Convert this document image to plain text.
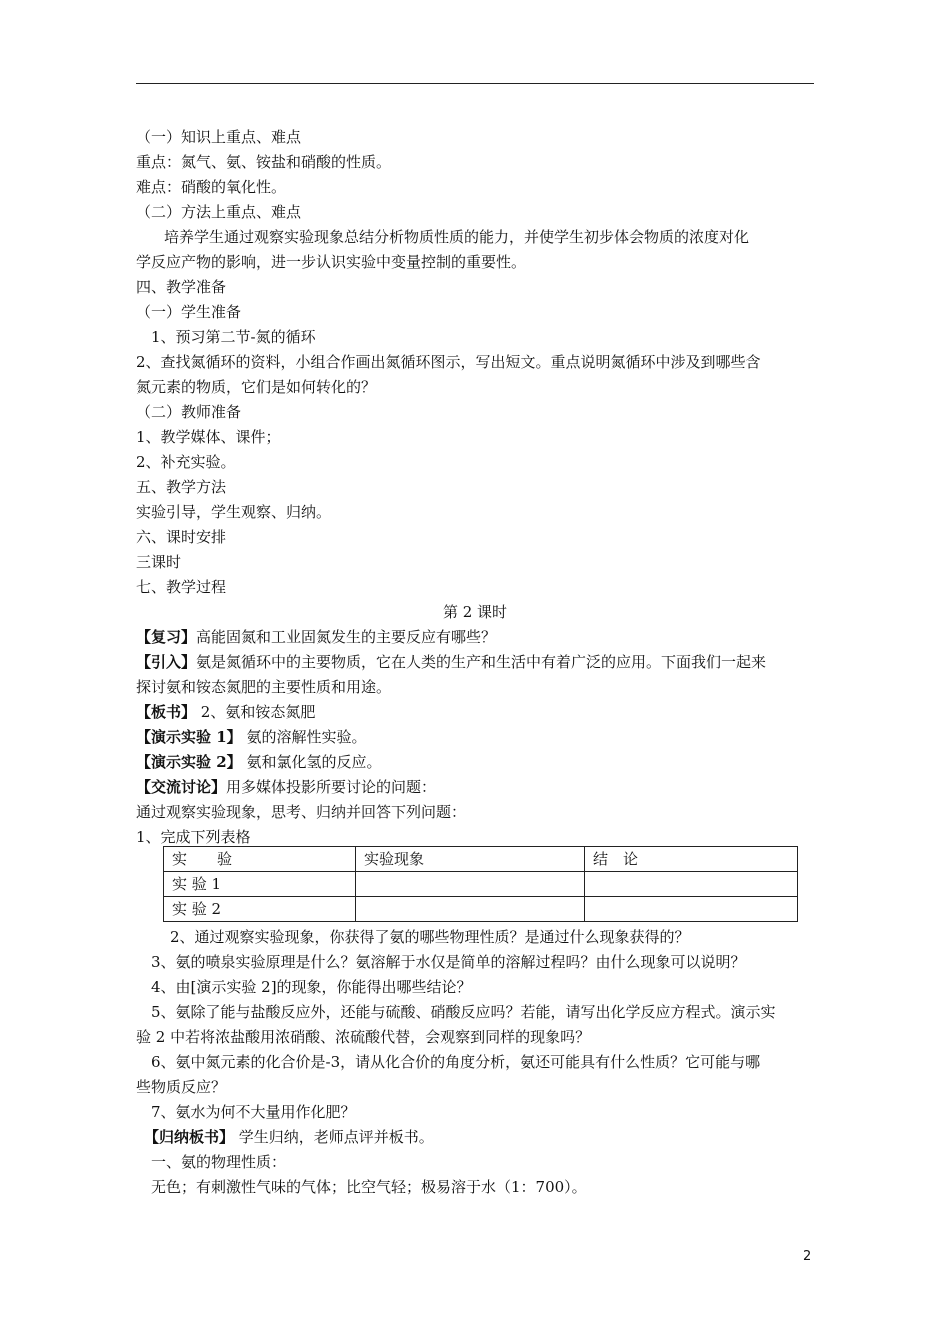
（一）知识上重点、难点
重点：氮气、氨、铵盐和硝酸的性质。
难点：硝酸的氧化性。
（二）方法上重点、难点
培养学生通过观察实验现象总结分析物质性质的能力，并使学生初步体会物质的浓度对化
学反应产物的影响，进一步认识实验中变量控制的重要性。
四、教学准备
（一）学生准备
1、预习第二节-氮的循环
2、查找氮循环的资料，小组合作画出氮循环图示，写出短文。重点说明氮循环中涉及到哪些含
氮元素的物质，它们是如何转化的？
（二）教师准备
1、教学媒体、课件；
2、补充实验。
五、教学方法
实验引导，学生观察、归纳。
六、课时安排
三课时
七、教学过程
第 2 课时
【复习】高能固氮和工业固氮发生的主要反应有哪些？
【引入】氨是氮循环中的主要物质，它在人类的生产和生活中有着广泛的应用。下面我们一起来
探讨氨和铵态氮肥的主要性质和用途。
【板书】 2、氨和铵态氮肥
【演示实验 1】 氨的溶解性实验。
【演示实验 2】 氨和氯化氢的反应。
【交流讨论】用多媒体投影所要讨论的问题：
通过观察实验现象，思考、归纳并回答下列问题：
1、完成下列表格
实　　验	实验现象	结　论
实 验 1		
实 验 2		
2、通过观察实验现象，你获得了氨的哪些物理性质？是通过什么现象获得的？
3、氨的喷泉实验原理是什么？氨溶解于水仅是简单的溶解过程吗？由什么现象可以说明？
4、由[演示实验 2]的现象，你能得出哪些结论？
5、氨除了能与盐酸反应外，还能与硫酸、硝酸反应吗？若能，请写出化学反应方程式。演示实
验 2 中若将浓盐酸用浓硝酸、浓硫酸代替，会观察到同样的现象吗？
6、氨中氮元素的化合价是-3，请从化合价的角度分析，氨还可能具有什么性质？它可能与哪
些物质反应？
7、氨水为何不大量用作化肥？
【归纳板书】 学生归纳，老师点评并板书。
一、氨的物理性质：
无色；有刺激性气味的气体；比空气轻；极易溶于水（1：700）。
2
